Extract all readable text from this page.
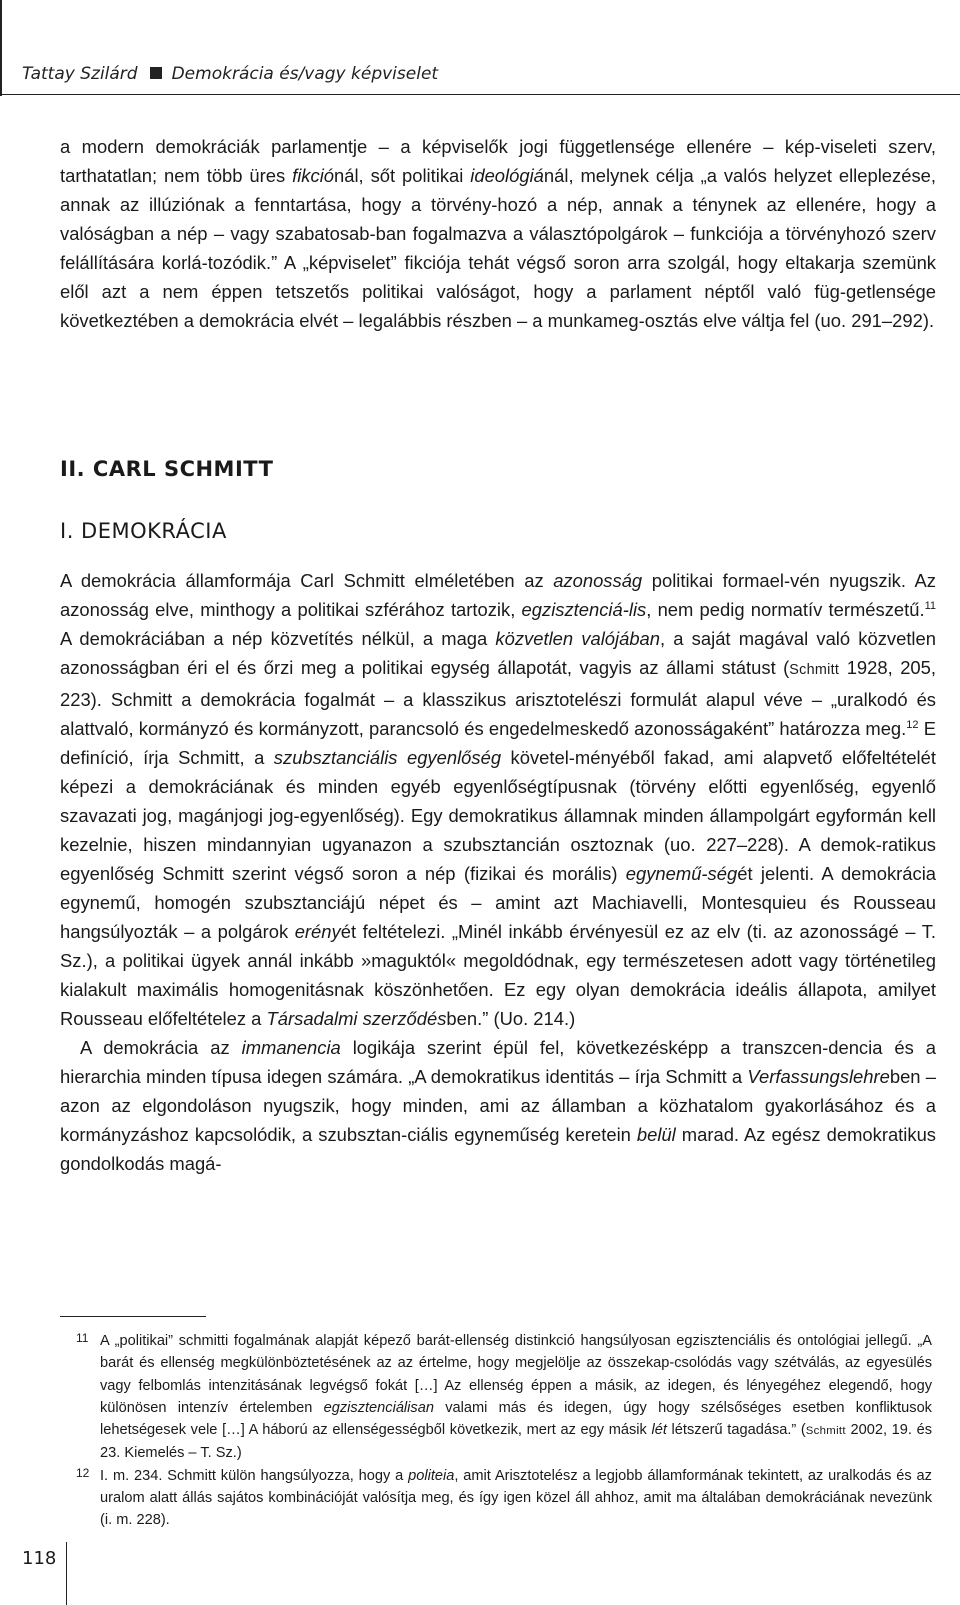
Tattay Szilárd Demokrácia és/vagy képviselet

a modern demokráciák parlamentje – a képviselők jogi függetlensége ellenére – kép-viseleti szerv, tarthatatlan; nem több üres fikciónál, sőt politikai ideológiánál, melynek célja „a valós helyzet elleplezése, annak az illúziónak a fenntartása, hogy a törvény-hozó a nép, annak a ténynek az ellenére, hogy a valóságban a nép – vagy szabatosab-ban fogalmazva a választópolgárok – funkciója a törvényhozó szerv felállítására korlá-tozódik.” A „képviselet” fikciója tehát végső soron arra szolgál, hogy eltakarja szemünk elől azt a nem éppen tetszetős politikai valóságot, hogy a parlament néptől való füg-getlensége következtében a demokrácia elvét – legalábbis részben – a munkameg-osztás elve váltja fel (uo. 291–292).

II. CARL SCHMITT
I. DEMOKRÁCIA

A demokrácia államformája Carl Schmitt elméletében az azonosság politikai formael-vén nyugszik. Az azonosság elve, minthogy a politikai szférához tartozik, egzisztenciá-lis, nem pedig normatív természetű.$^{11}$ A demokráciában a nép közvetítés nélkül, a maga közvetlen valójában, a saját magával való közvetlen azonosságban éri el és őrzi meg a politikai egység állapotát, vagyis az állami státust (Schmitt 1928, 205, 223). Schmitt a demokrácia fogalmát – a klasszikus arisztotelészi formulát alapul véve – „uralkodó és alattvaló, kormányzó és kormányzott, parancsoló és engedelmeskedő azonosságaként” határozza meg.$^{12}$ E definíció, írja Schmitt, a szubsztanciális egyenlőség követel-ményéből fakad, ami alapvető előfeltételét képezi a demokráciának és minden egyéb egyenlőségtípusnak (törvény előtti egyenlőség, egyenlő szavazati jog, magánjogi jog-egyenlőség). Egy demokratikus államnak minden állampolgárt egyformán kell kezelnie, hiszen mindannyian ugyanazon a szubsztancián osztoznak (uo. 227–228). A demok-ratikus egyenlőség Schmitt szerint végső soron a nép (fizikai és morális) egynemű-ségét jelenti. A demokrácia egynemű, homogén szubsztanciájú népet és – amint azt Machiavelli, Montesquieu és Rousseau hangsúlyozták – a polgárok erényét feltételezi. „Minél inkább érvényesül ez az elv (ti. az azonosságé – T. Sz.), a politikai ügyek annál inkább »maguktól« megoldódnak, egy természetesen adott vagy történetileg kialakult maximális homogenitásnak köszönhetően. Ez egy olyan demokrácia ideális állapota, amilyet Rousseau előfeltételez a Társadalmi szerződésben.” (Uo. 214.)

A demokrácia az immanencia logikája szerint épül fel, következésképp a transzcen-dencia és a hierarchia minden típusa idegen számára. „A demokratikus identitás – írja Schmitt a Verfassungslehreben – azon az elgondoláson nyugszik, hogy minden, ami az államban a közhatalom gyakorlásához és a kormányzáshoz kapcsolódik, a szubsztan-ciális egyneműség keretein belül marad. Az egész demokratikus gondolkodás magá-

11 A „politikai” schmitti fogalmának alapját képező barát-ellenség distinkció hangsúlyosan egzisztenciális és ontológiai jellegű. „A barát és ellenség megkülönböztetésének az az értelme, hogy megjelölje az összekap-csolódás vagy szétválás, az egyesülés vagy felbomlás intenzitásának legvégső fokát […] Az ellenség éppen a másik, az idegen, és lényegéhez elegendő, hogy különösen intenzív értelemben egzisztenciálisan valami más és idegen, úgy hogy szélsőséges esetben konfliktusok lehetségesek vele […] A háború az ellenségességből következik, mert az egy másik lét létszerű tagadása.” (Schmitt 2002, 19. és 23. Kiemelés – T. Sz.)

12 I. m. 234. Schmitt külön hangsúlyozza, hogy a politeia, amit Arisztotelész a legjobb államformának tekintett, az uralkodás és az uralom alatt állás sajátos kombinációját valósítja meg, és így igen közel áll ahhoz, amit ma általában demokráciának nevezünk (i. m. 228).

118
